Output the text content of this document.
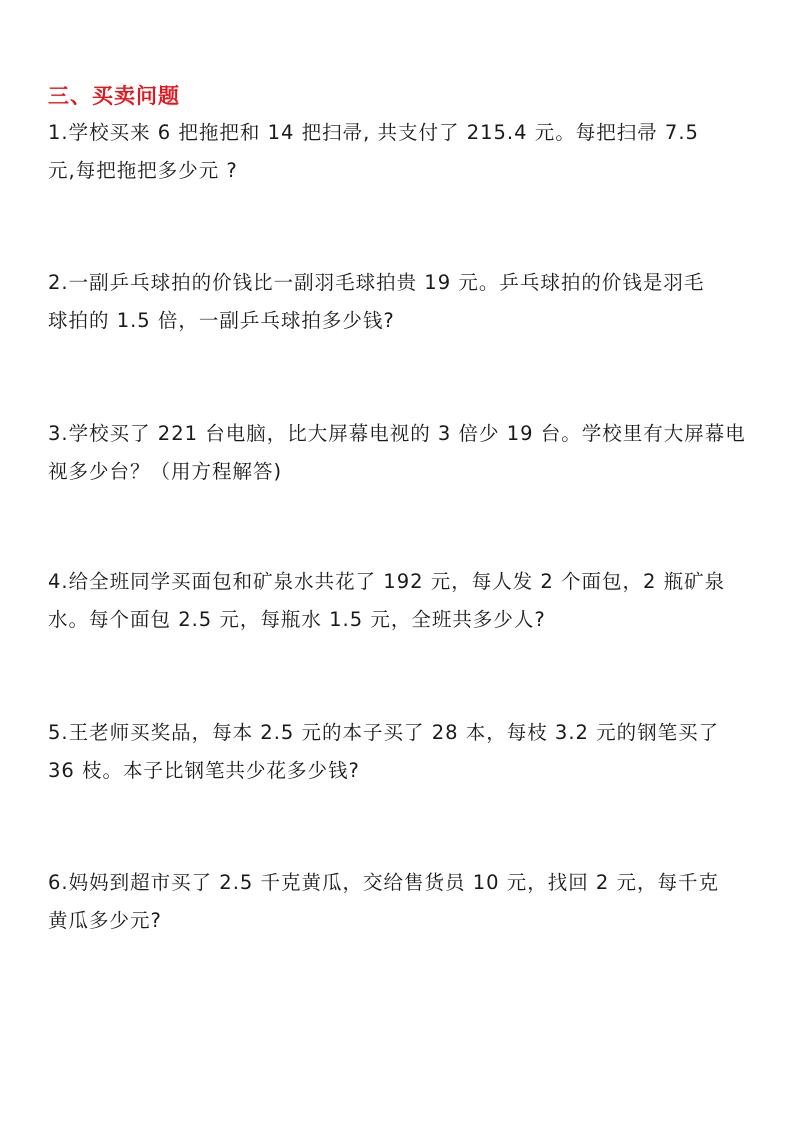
三、买卖问题
1.学校买来 6 把拖把和 14 把扫帚, 共支付了 215.4 元。每把扫帚 7.5
元,每把拖把多少元 ?
2.一副乒乓球拍的价钱比一副羽毛球拍贵 19 元。乒乓球拍的价钱是羽毛
球拍的 1.5 倍，一副乒乓球拍多少钱?
3.学校买了 221 台电脑，比大屏幕电视的 3 倍少 19 台。学校里有大屏幕电
视多少台？（用方程解答)
4.给全班同学买面包和矿泉水共花了 192 元，每人发 2 个面包，2 瓶矿泉
水。每个面包 2.5 元，每瓶水 1.5 元，全班共多少人?
5.王老师买奖品，每本 2.5 元的本子买了 28 本，每枝 3.2 元的钢笔买了
36 枝。本子比钢笔共少花多少钱?
6.妈妈到超市买了 2.5 千克黄瓜，交给售货员 10 元，找回 2 元，每千克
黄瓜多少元?
